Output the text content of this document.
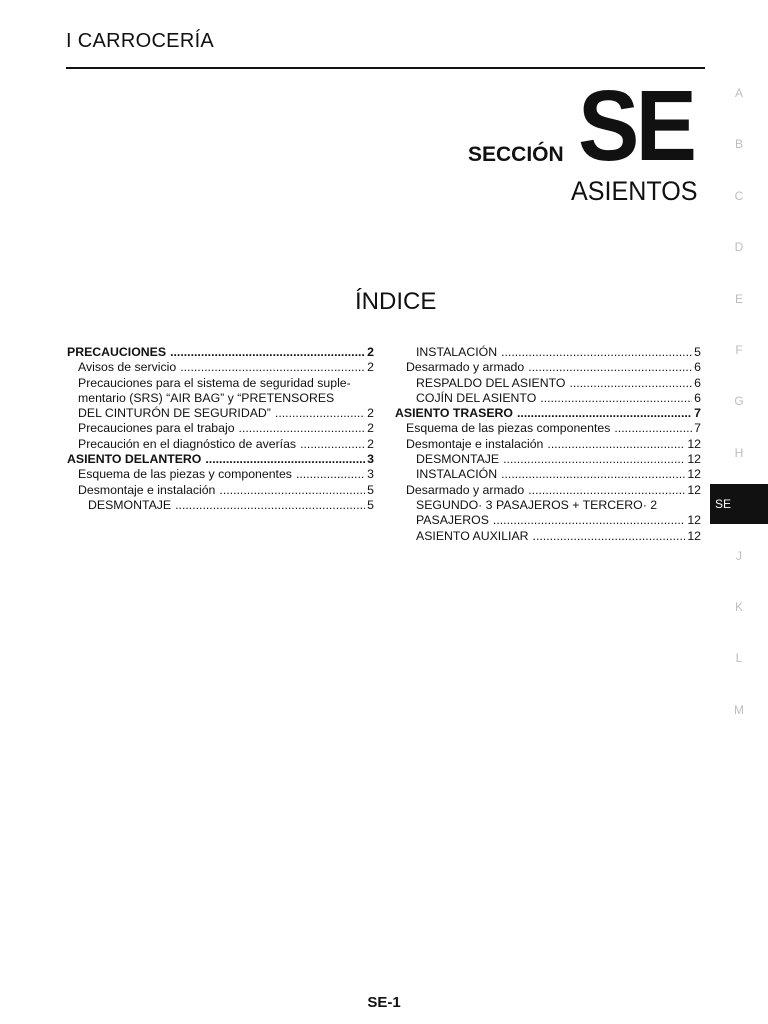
I CARROCERÍA
SECCIÓN SE
ASIENTOS
ÍNDICE
PRECAUCIONES .....	2
Avisos de servicio .....	2
Precauciones para el sistema de seguridad suple-
mentario (SRS) “AIR BAG” y “PRETENSORES
DEL CINTURÓN DE SEGURIDAD” .....	2
Precauciones para el trabajo .....	2
Precaución en el diagnóstico de averías .....	2
ASIENTO DELANTERO .....	3
Esquema de las piezas y componentes .....	3
Desmontaje e instalación .....	5
DESMONTAJE .....	5
INSTALACIÓN .....	5
Desarmado y armado .....	6
RESPALDO DEL ASIENTO .....	6
COJÍN DEL ASIENTO .....	6
ASIENTO TRASERO .....	7
Esquema de las piezas componentes .....	7
Desmontaje e instalación .....	12
DESMONTAJE .....	12
INSTALACIÓN .....	12
Desarmado y armado .....	12
SEGUNDO· 3 PASAJEROS + TERCERO· 2
PASAJEROS .....	12
ASIENTO AUXILIAR .....	12
A
B
C
D
E
F
G
H
SE
J
K
L
M
SE-1
